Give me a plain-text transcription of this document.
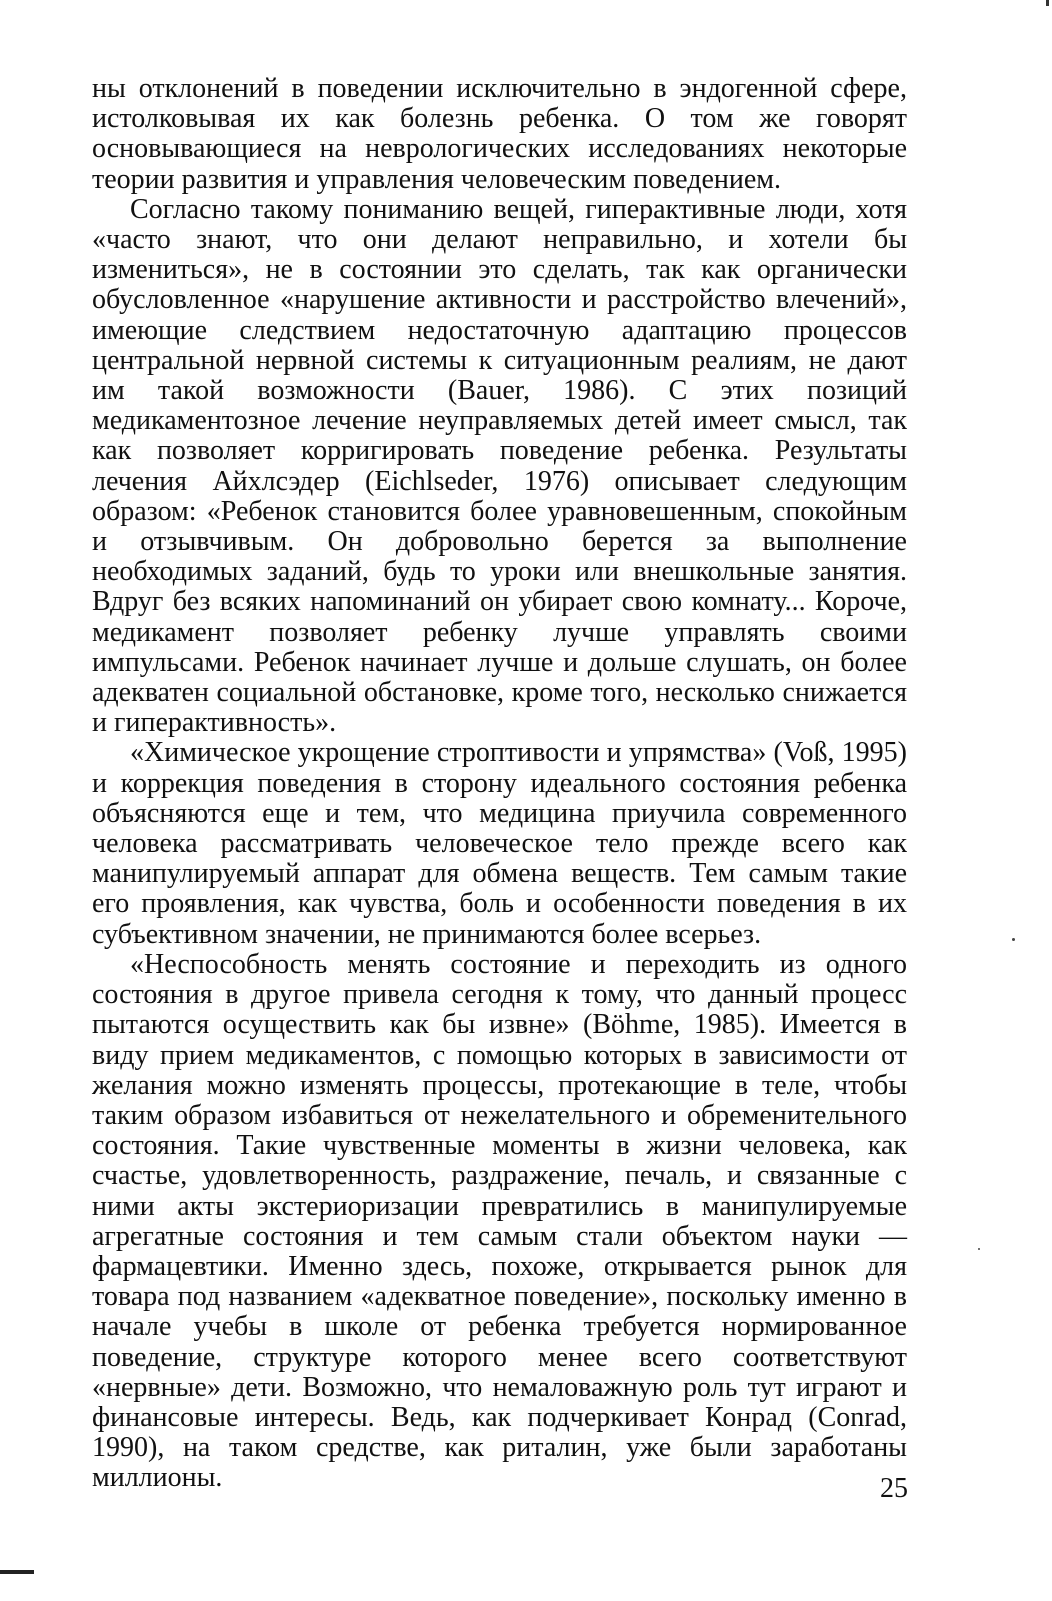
ны отклонений в поведении исключительно в эндогенной сфере, истолковывая их как болезнь ребенка. О том же говорят основывающиеся на неврологических исследованиях некоторые теории развития и управления человеческим поведением.

Согласно такому пониманию вещей, гиперактивные люди, хотя «часто знают, что они делают неправильно, и хотели бы измениться», не в состоянии это сделать, так как органически обусловленное «нарушение активности и расстройство влечений», имеющие следствием недостаточную адаптацию процессов центральной нервной системы к ситуационным реалиям, не дают им такой возможности (Bauer, 1986). С этих позиций медикаментозное лечение неуправляемых детей имеет смысл, так как позволяет корригировать поведение ребенка. Результаты лечения Айхлсэдер (Eichlseder, 1976) описывает следующим образом: «Ребенок становится более уравновешенным, спокойным и отзывчивым. Он добровольно берется за выполнение необходимых заданий, будь то уроки или внешкольные занятия. Вдруг без всяких напоминаний он убирает свою комнату... Короче, медикамент позволяет ребенку лучше управлять своими импульсами. Ребенок начинает лучше и дольше слушать, он более адекватен социальной обстановке, кроме того, несколько снижается и гиперактивность».

«Химическое укрощение строптивости и упрямства» (Voß, 1995) и коррекция поведения в сторону идеального состояния ребенка объясняются еще и тем, что медицина приучила современного человека рассматривать человеческое тело прежде всего как манипулируемый аппарат для обмена веществ. Тем самым такие его проявления, как чувства, боль и особенности поведения в их субъективном значении, не принимаются более всерьез.

«Неспособность менять состояние и переходить из одного состояния в другое привела сегодня к тому, что данный процесс пытаются осуществить как бы извне» (Böhme, 1985). Имеется в виду прием медикаментов, с помощью которых в зависимости от желания можно изменять процессы, протекающие в теле, чтобы таким образом избавиться от нежелательного и обременительного состояния. Такие чувственные моменты в жизни человека, как счастье, удовлетворенность, раздражение, печаль, и связанные с ними акты экстериоризации превратились в манипулируемые агрегатные состояния и тем самым стали объектом науки — фармацевтики. Именно здесь, похоже, открывается рынок для товара под названием «адекватное поведение», поскольку именно в начале учебы в школе от ребенка требуется нормированное поведение, структуре которого менее всего соответствуют «нервные» дети. Возможно, что немаловажную роль тут играют и финансовые интересы. Ведь, как подчеркивает Конрад (Conrad, 1990), на таком средстве, как риталин, уже были заработаны миллионы.	25
